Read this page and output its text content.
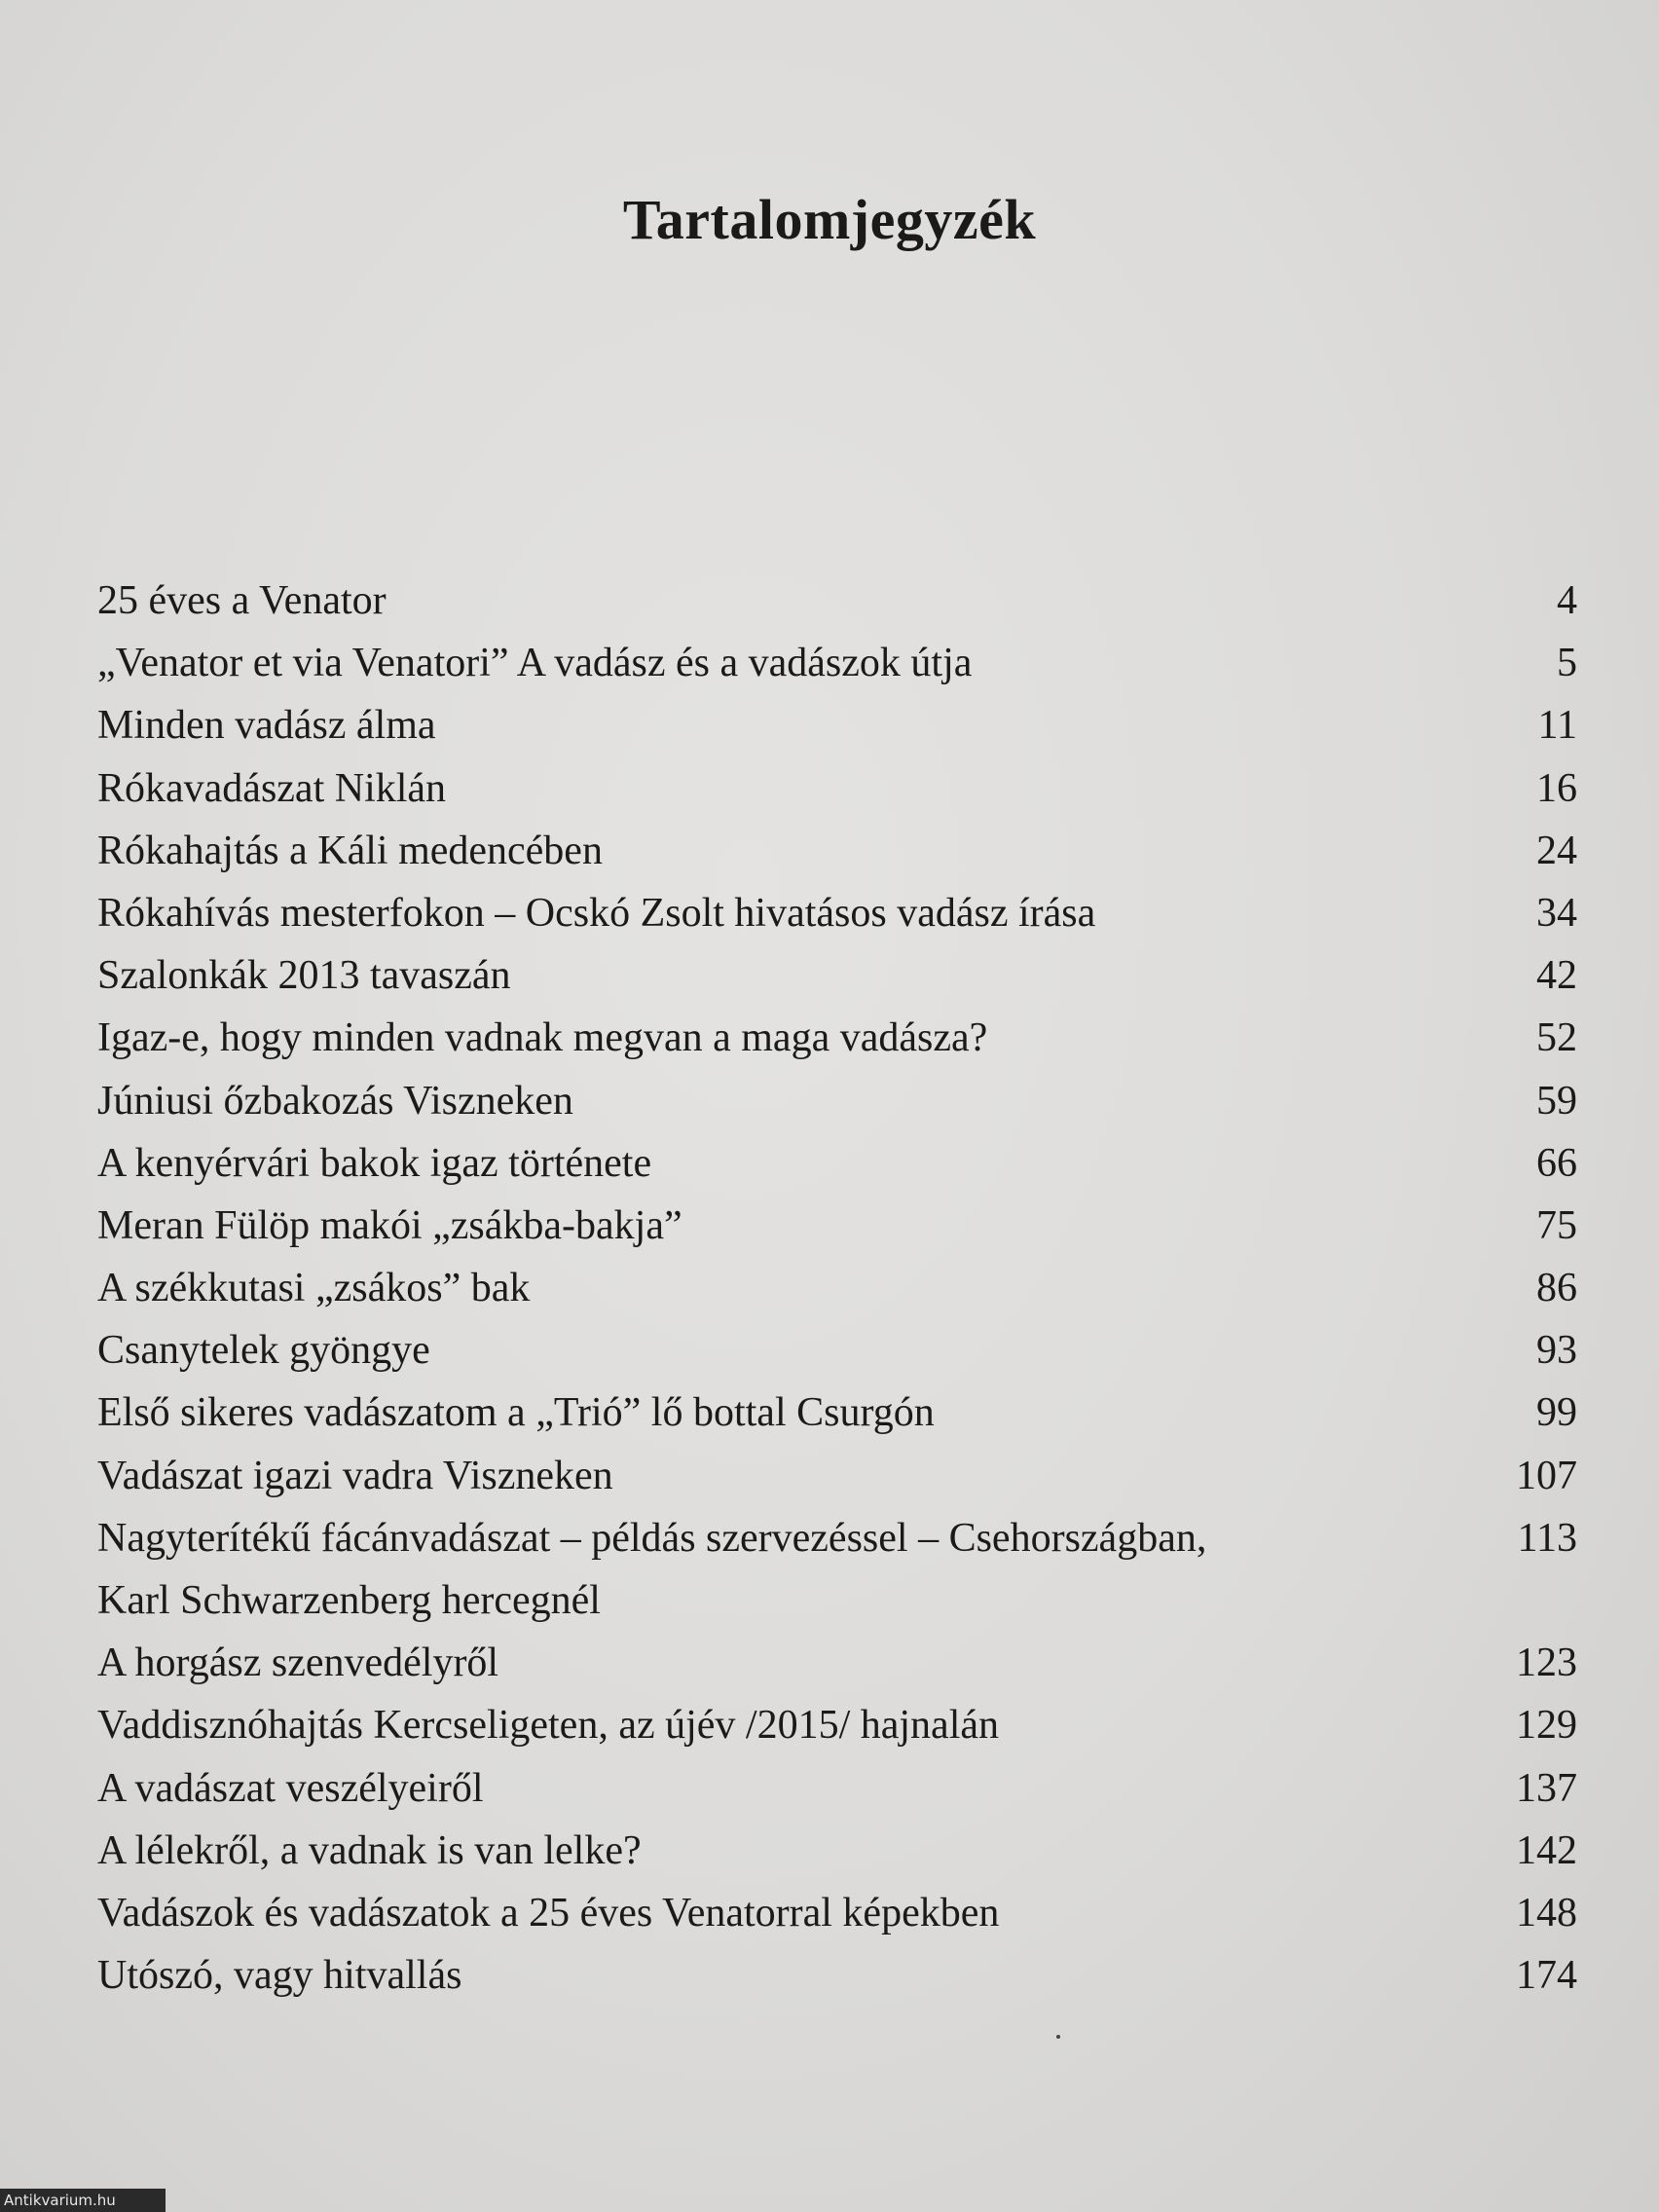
Tartalomjegyzék
25 éves a Venator	4
„Venator et via Venatori” A vadász és a vadászok útja	5
Minden vadász álma	11
Rókavadászat Niklán	16
Rókahajtás a Káli medencében	24
Rókahívás mesterfokon – Ocskó Zsolt hivatásos vadász írása	34
Szalonkák 2013 tavaszán	42
Igaz-e, hogy minden vadnak megvan a maga vadásza?	52
Júniusi őzbakozás Viszneken	59
A kenyérvári bakok igaz története	66
Meran Fülöp makói „zsákba-bakja”	75
A székkutasi „zsákos” bak	86
Csanytelek gyöngye	93
Első sikeres vadászatom a „Trió” lő bottal Csurgón	99
Vadászat igazi vadra Viszneken	107
Nagyterítékű fácánvadászat – példás szervezéssel – Csehországban,	113
Karl Schwarzenberg hercegnél
A horgász szenvedélyről	123
Vaddisznóhajtás Kercseligeten, az újév /2015/ hajnalán	129
A vadászat veszélyeiről	137
A lélekről, a vadnak is van lelke?	142
Vadászok és vadászatok a 25 éves Venatorral képekben	148
Utószó, vagy hitvallás	174
Antikvarium.hu
